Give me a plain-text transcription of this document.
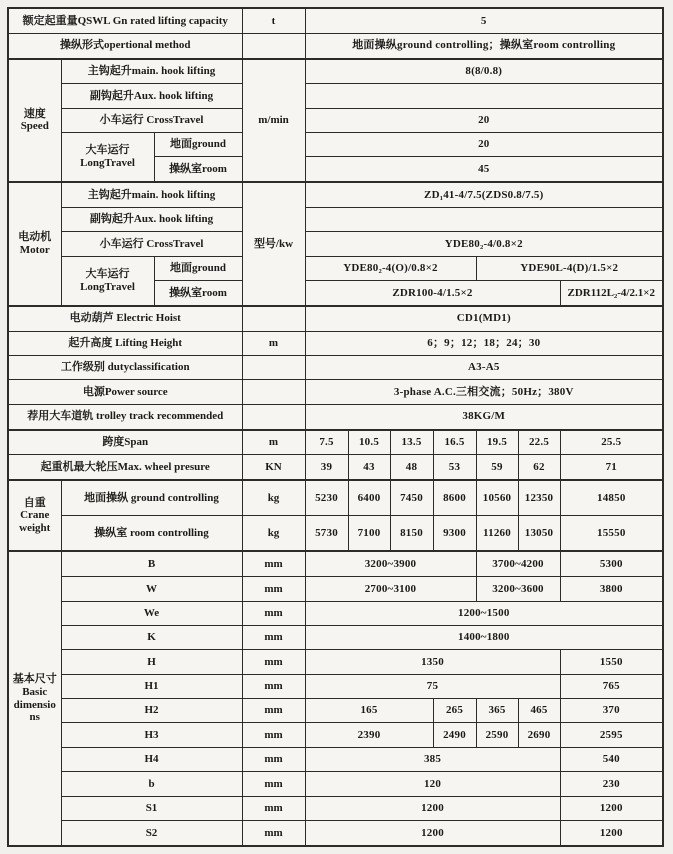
额定起重量QSWL Gn rated lifting capacity			t	5						
操纵形式opertional method				地面操纵ground controlling；操纵室room controlling						
速度 Speed	主钩起升main. hook lifting		m/min	8(8/0.8)						
	副钩起升Aux. hook lifting									
	小车运行 CrossTravel			20						
	大车运行 LongTravel	地面ground		20						
		操纵室room		45						
电动机 Motor	主钩起升main. hook lifting		型号/kw	ZD₁41-4/7.5(ZDS0.8/7.5)						
	副钩起升Aux. hook lifting									
	小车运行 CrossTravel			YDE80₂-4/0.8×2						
	大车运行 LongTravel	地面ground		YDE80₂-4(O)/0.8×2				YDE90L-4(D)/1.5×2		
		操纵室room		ZDR100-4/1.5×2						ZDR112L₂-4/2.1×2
电动葫芦 Electric Hoist				CD1(MD1)						
起升高度 Lifting Height			m	6；9；12；18；24；30						
工作级别 dutyclassification				A3-A5						
电源Power source				3-phase A.C.三相交流；50Hz；380V						
荐用大车道轨 trolley track recommended				38KG/M						
跨度Span			m	7.5	10.5	13.5	16.5	19.5	22.5	25.5
起重机最大轮压Max. wheel presure			KN	39	43	48	53	59	62	71
自重 Crane weight	地面操纵 ground controlling		kg	5230	6400	7450	8600	10560	12350	14850
	操纵室 room controlling		kg	5730	7100	8150	9300	11260	13050	15550
基本尺寸 Basic dimensions	B		mm	3200~3900				3700~4200		5300
	W		mm	2700~3100				3200~3600		3800
	We		mm	1200~1500						
	K		mm	1400~1800						
	H		mm	1350						1550
	H1		mm	75						765
	H2		mm	165			265	365	465	370
	H3		mm	2390			2490	2590	2690	2595
	H4		mm	385						540
	b		mm	120						230
	S1		mm	1200						1200
	S2		mm	1200						1200
